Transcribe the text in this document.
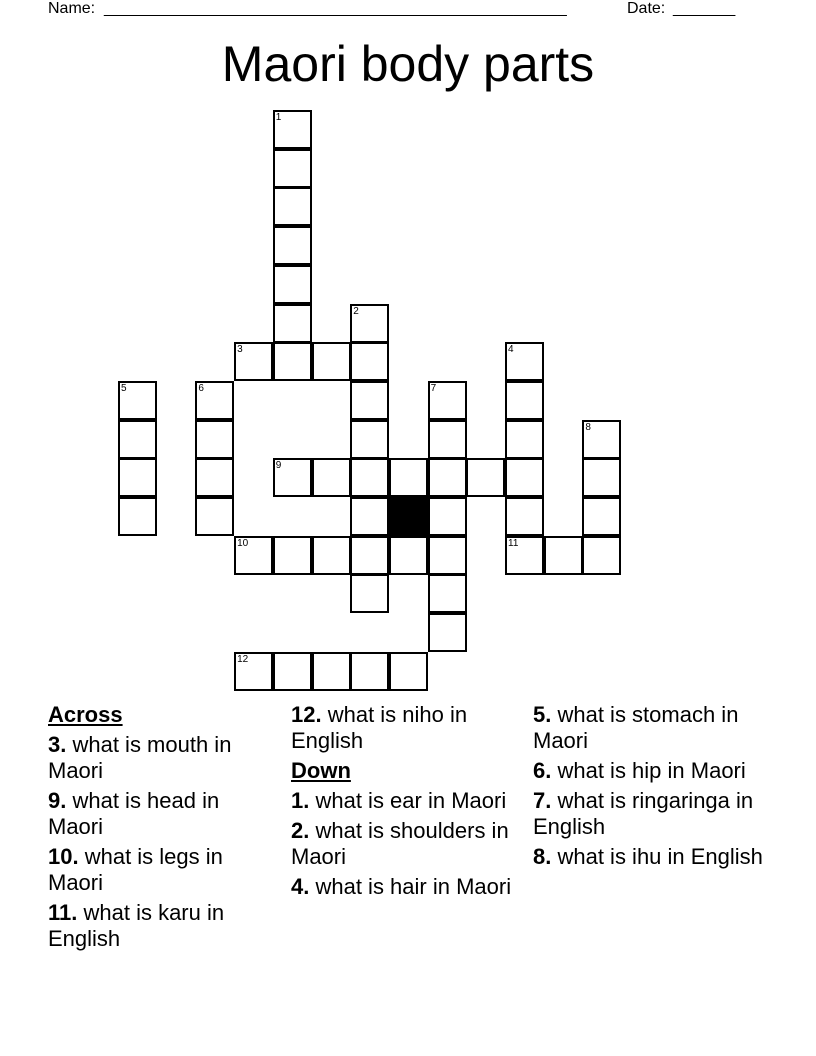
Name: ____________________________________________________	Date: _______
Maori body parts
1
2
3	4
5	6	7
8
9
10	11
12
Across
3. what is mouth in Maori
9. what is head in Maori
10. what is legs in Maori
11. what is karu in English
12. what is niho in English
Down
1. what is ear in Maori
2. what is shoulders in Maori
4. what is hair in Maori
5. what is stomach in Maori
6. what is hip in Maori
7. what is ringaringa in English
8. what is ihu in English
